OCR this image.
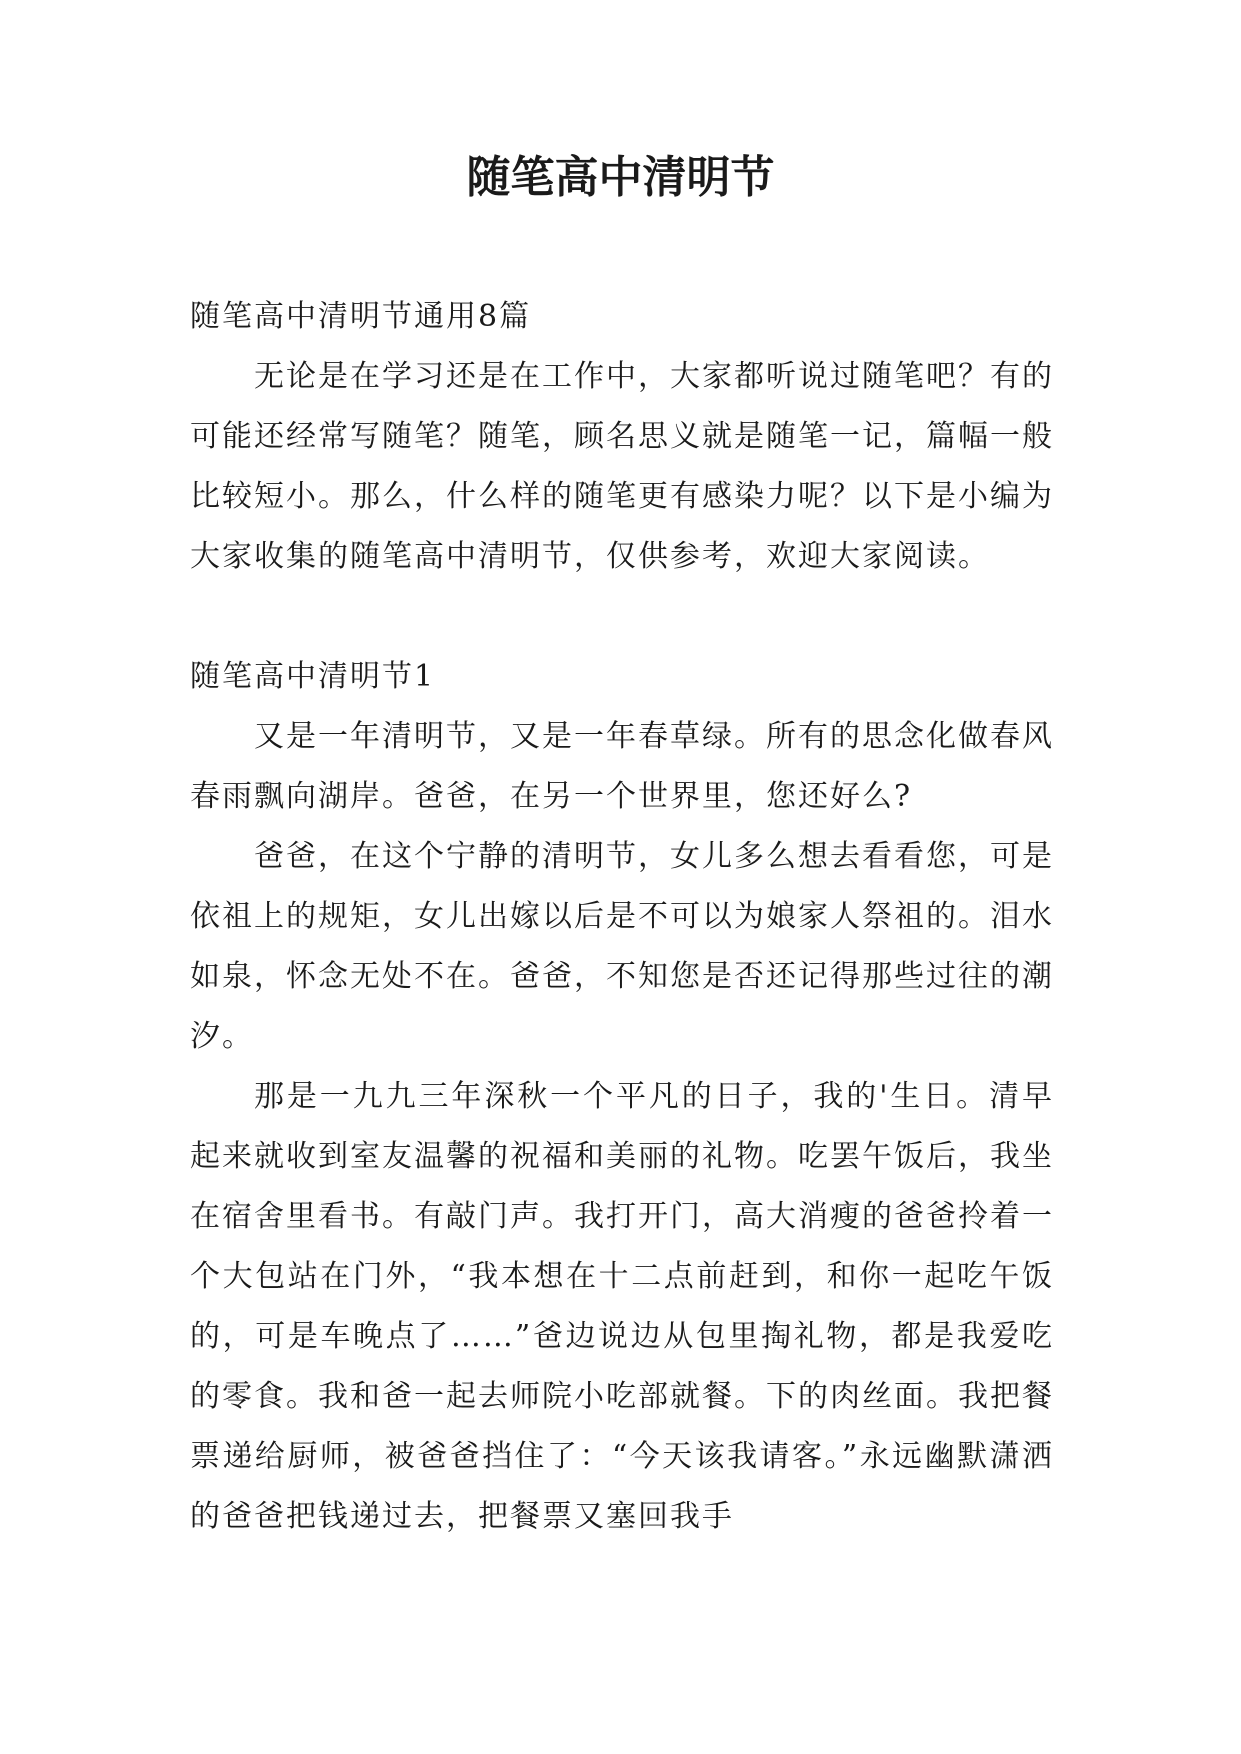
随笔高中清明节

随笔高中清明节通用8篇

无论是在学习还是在工作中，大家都听说过随笔吧？有的可能还经常写随笔？随笔，顾名思义就是随笔一记，篇幅一般比较短小。那么，什么样的随笔更有感染力呢？以下是小编为大家收集的随笔高中清明节，仅供参考，欢迎大家阅读。

随笔高中清明节1

又是一年清明节，又是一年春草绿。所有的思念化做春风春雨飘向湖岸。爸爸，在另一个世界里，您还好么?

爸爸，在这个宁静的清明节，女儿多么想去看看您，可是依祖上的规矩，女儿出嫁以后是不可以为娘家人祭祖的。泪水如泉，怀念无处不在。爸爸，不知您是否还记得那些过往的潮汐。

那是一九九三年深秋一个平凡的日子，我的'生日。清早起来就收到室友温馨的祝福和美丽的礼物。吃罢午饭后，我坐在宿舍里看书。有敲门声。我打开门，高大消瘦的爸爸拎着一个大包站在门外，“我本想在十二点前赶到，和你一起吃午饭的，可是车晚点了……”爸边说边从包里掏礼物，都是我爱吃的零食。我和爸一起去师院小吃部就餐。下的肉丝面。我把餐票递给厨师，被爸爸挡住了：“今天该我请客。”永远幽默潇洒的爸爸把钱递过去，把餐票又塞回我手
